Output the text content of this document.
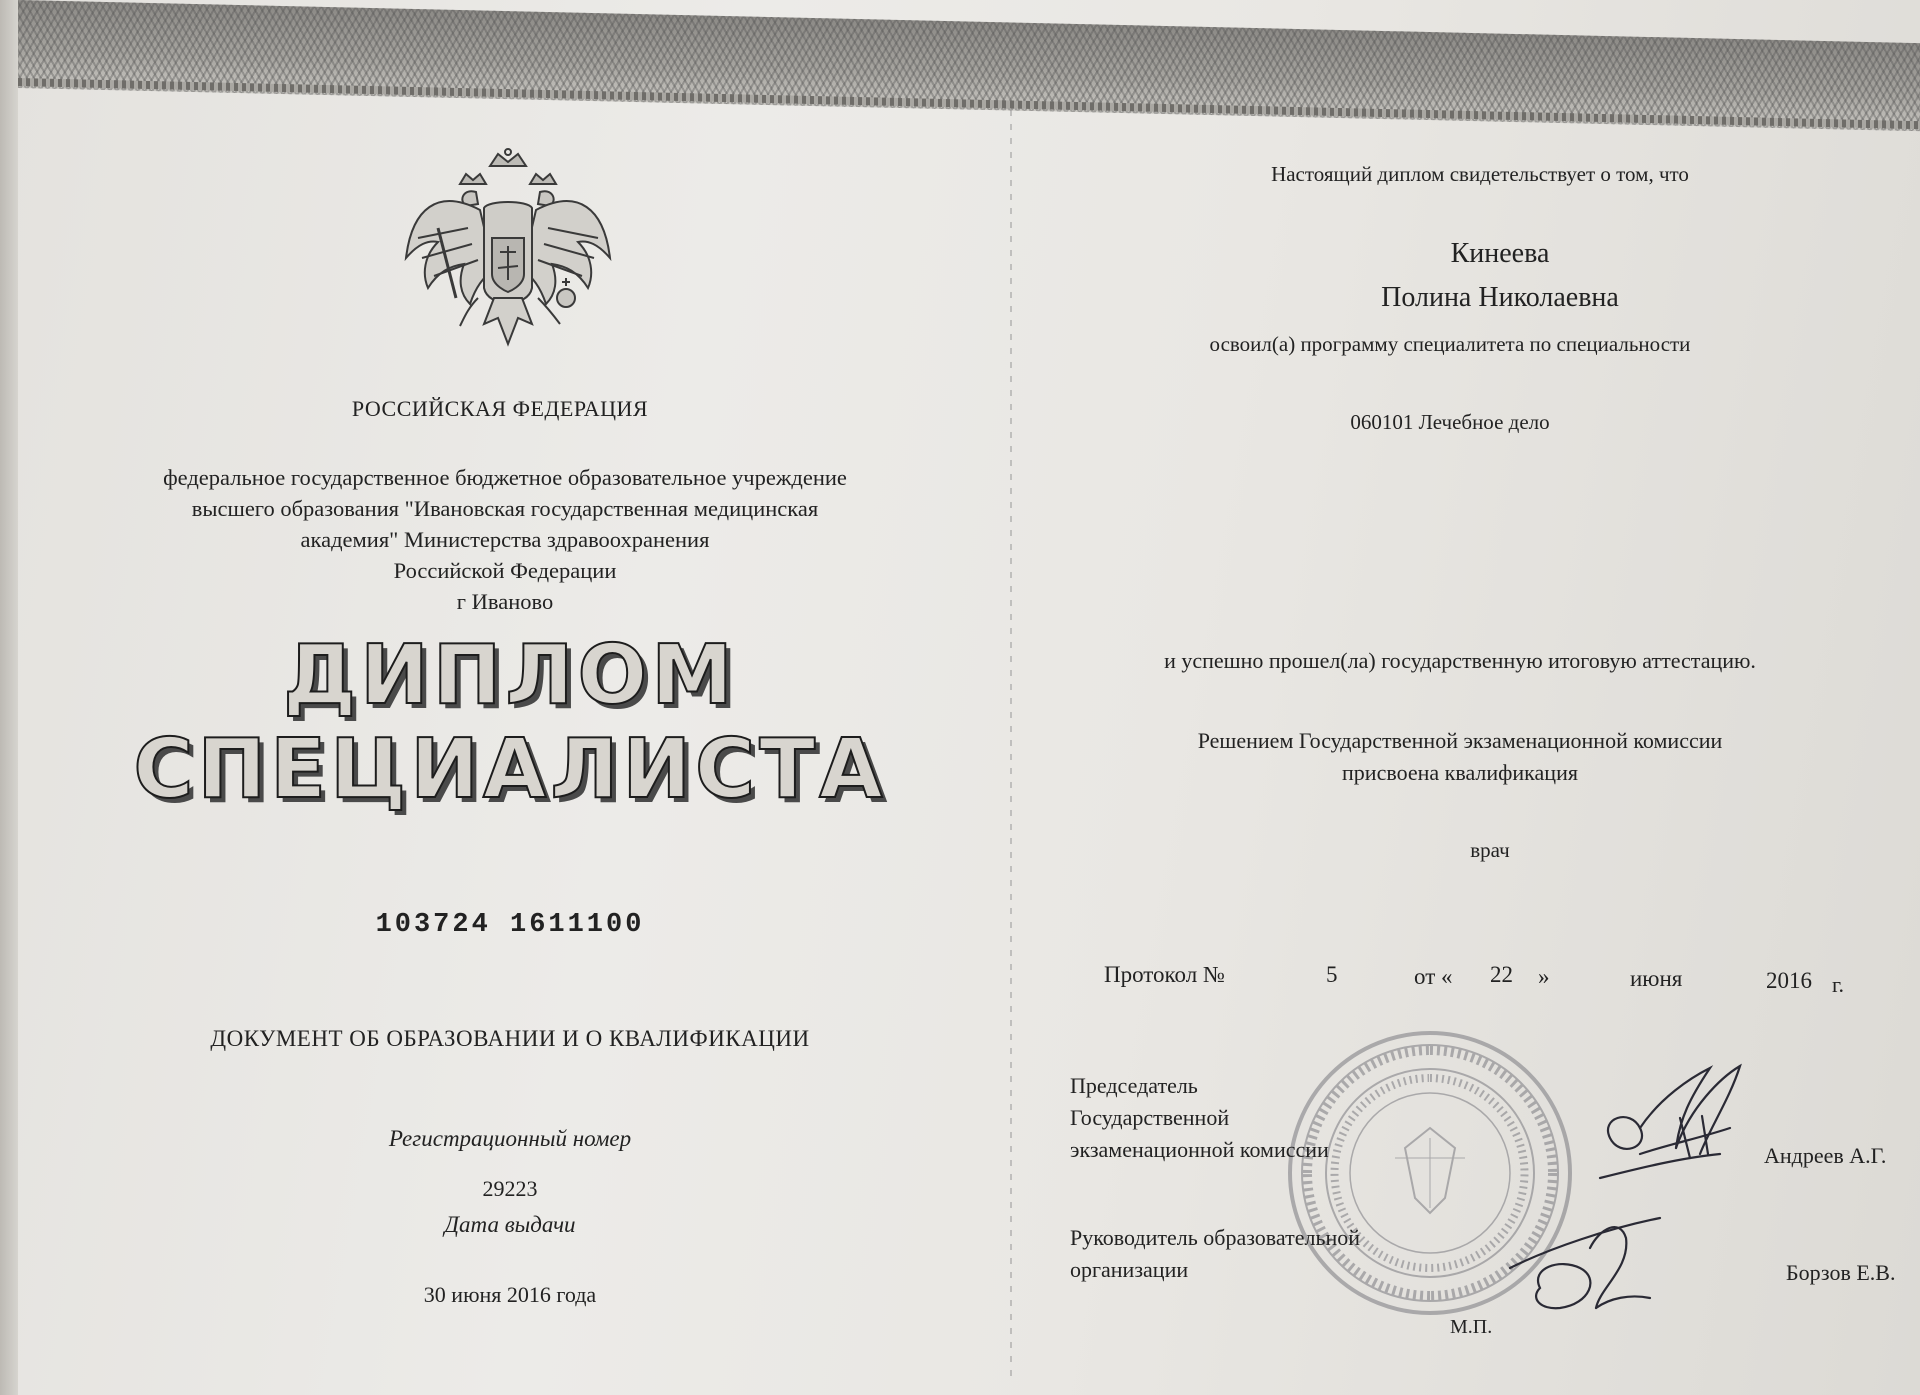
РОССИЙСКАЯ ФЕДЕРАЦИЯ
федеральное государственное бюджетное образовательное учреждение
высшего образования "Ивановская государственная медицинская
академия" Министерства здравоохранения
Российской Федерации
г Иваново
ДИПЛОМ
СПЕЦИАЛИСТА
103724 1611100
ДОКУМЕНТ ОБ ОБРАЗОВАНИИ И О КВАЛИФИКАЦИИ
Регистрационный номер
29223
Дата выдачи
30 июня 2016 года
Настоящий диплом свидетельствует о том, что
Кинеева
Полина Николаевна
освоил(а) программу специалитета по специальности
060101 Лечебное дело
и успешно прошел(ла) государственную итоговую аттестацию.
Решением Государственной экзаменационной комиссии
присвоена квалификация
врач
Протокол №	5	от « 22 »	июня	2016 г.
Председатель
Государственной
экзаменационной комиссии	Андреев А.Г.
Руководитель образовательной
организации	Борзов Е.В.
М.П.
